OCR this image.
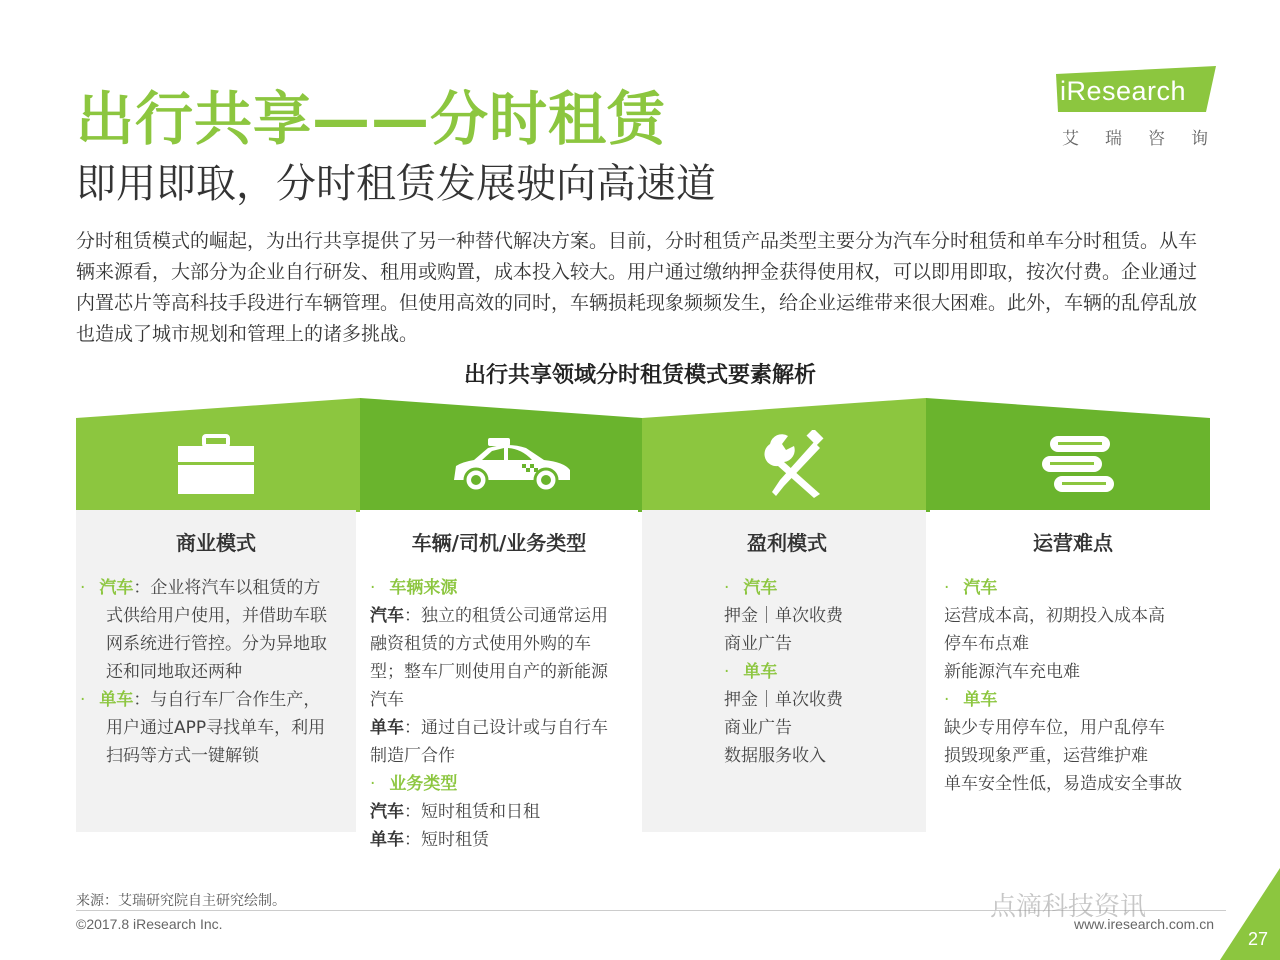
出行共享——分时租赁
即用即取，分时租赁发展驶向高速道
iResearch
艾瑞咨询
分时租赁模式的崛起，为出行共享提供了另一种替代解决方案。目前，分时租赁产品类型主要分为汽车分时租赁和单车分时租赁。从车辆来源看，大部分为企业自行研发、租用或购置，成本投入较大。用户通过缴纳押金获得使用权，可以即用即取，按次付费。企业通过内置芯片等高科技手段进行车辆管理。但使用高效的同时，车辆损耗现象频频发生，给企业运维带来很大困难。此外，车辆的乱停乱放也造成了城市规划和管理上的诸多挑战。
出行共享领域分时租赁模式要素解析
商业模式	车辆/司机/业务类型	盈利模式	运营难点
· 汽车：企业将汽车以租赁的方
式供给用户使用，并借助车联
网系统进行管控。分为异地取
还和同地取还两种
· 单车：与自行车厂合作生产，
用户通过APP寻找单车，利用
扫码等方式一键解锁
· 车辆来源
汽车：独立的租赁公司通常运用
融资租赁的方式使用外购的车
型；整车厂则使用自产的新能源
汽车
单车：通过自己设计或与自行车
制造厂合作
· 业务类型
汽车：短时租赁和日租
单车：短时租赁
· 汽车
押金｜单次收费
商业广告
· 单车
押金｜单次收费
商业广告
数据服务收入
· 汽车
运营成本高，初期投入成本高
停车布点难
新能源汽车充电难
· 单车
缺少专用停车位，用户乱停车
损毁现象严重，运营维护难
单车安全性低，易造成安全事故
来源：艾瑞研究院自主研究绘制。
©2017.8 iResearch Inc.	www.iresearch.com.cn
点滴科技资讯
27
